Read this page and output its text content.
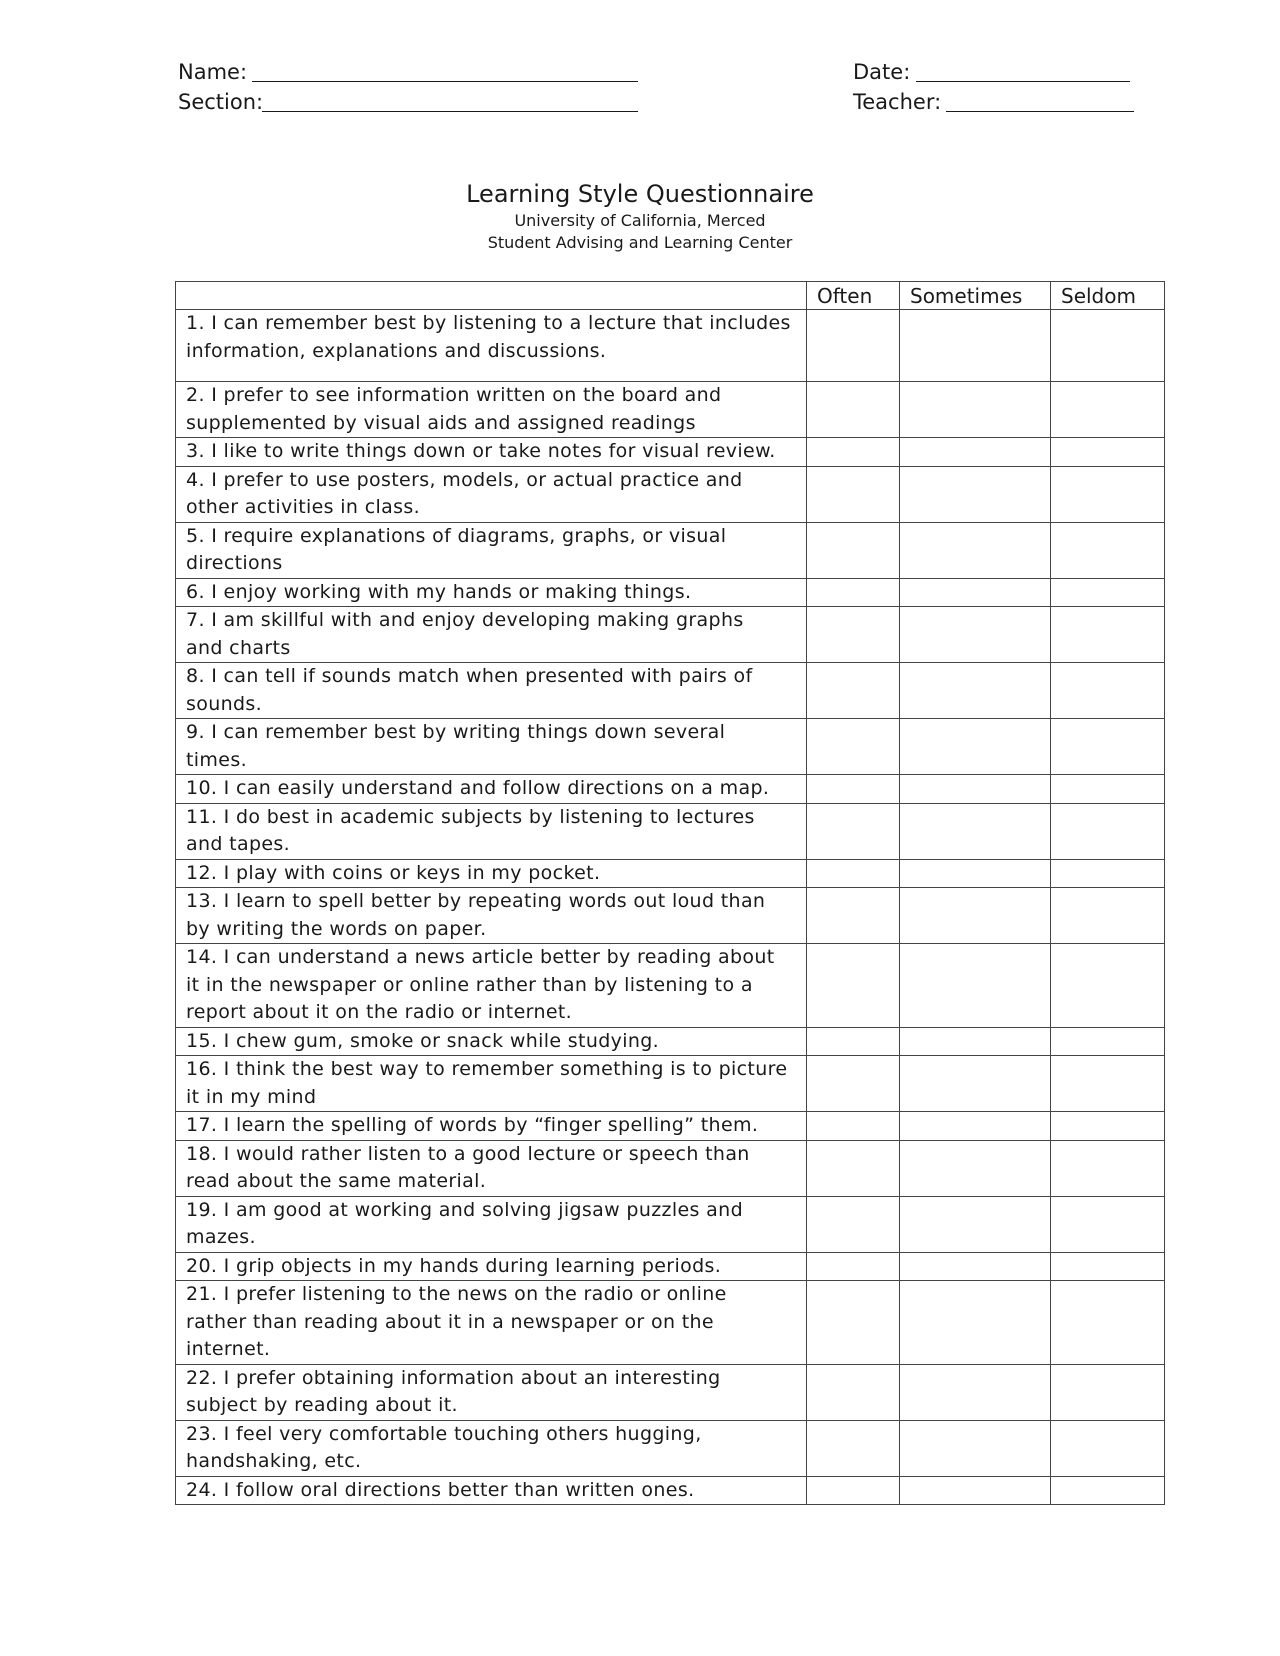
Name:
Section:
Date:
Teacher:
Learning Style Questionnaire
University of California, Merced
Student Advising and Learning Center
	Often	Sometimes	Seldom

1. I can remember best by listening to a lecture that includes
information, explanations and discussions.			

2. I prefer to see information written on the board and
supplemented by visual aids and assigned readings			

3. I like to write things down or take notes for visual review.			

4. I prefer to use posters, models, or actual practice and
other activities in class.			

5. I require explanations of diagrams, graphs, or visual
directions			

6. I enjoy working with my hands or making things.			

7. I am skillful with and enjoy developing making graphs
and charts			

8. I can tell if sounds match when presented with pairs of
sounds.			

9. I can remember best by writing things down several
times.			

10. I can easily understand and follow directions on a map.			

11. I do best in academic subjects by listening to lectures
and tapes.			

12. I play with coins or keys in my pocket.			

13. I learn to spell better by repeating words out loud than
by writing the words on paper.			

14. I can understand a news article better by reading about
it in the newspaper or online rather than by listening to a
report about it on the radio or internet.			

15. I chew gum, smoke or snack while studying.			

16. I think the best way to remember something is to picture
it in my mind			

17. I learn the spelling of words by “finger spelling” them.			

18. I would rather listen to a good lecture or speech than
read about the same material.			

19. I am good at working and solving jigsaw puzzles and
mazes.			

20. I grip objects in my hands during learning periods.			

21. I prefer listening to the news on the radio or online
rather than reading about it in a newspaper or on the
internet.			

22. I prefer obtaining information about an interesting
subject by reading about it.			

23. I feel very comfortable touching others hugging,
handshaking, etc.			

24. I follow oral directions better than written ones.			
